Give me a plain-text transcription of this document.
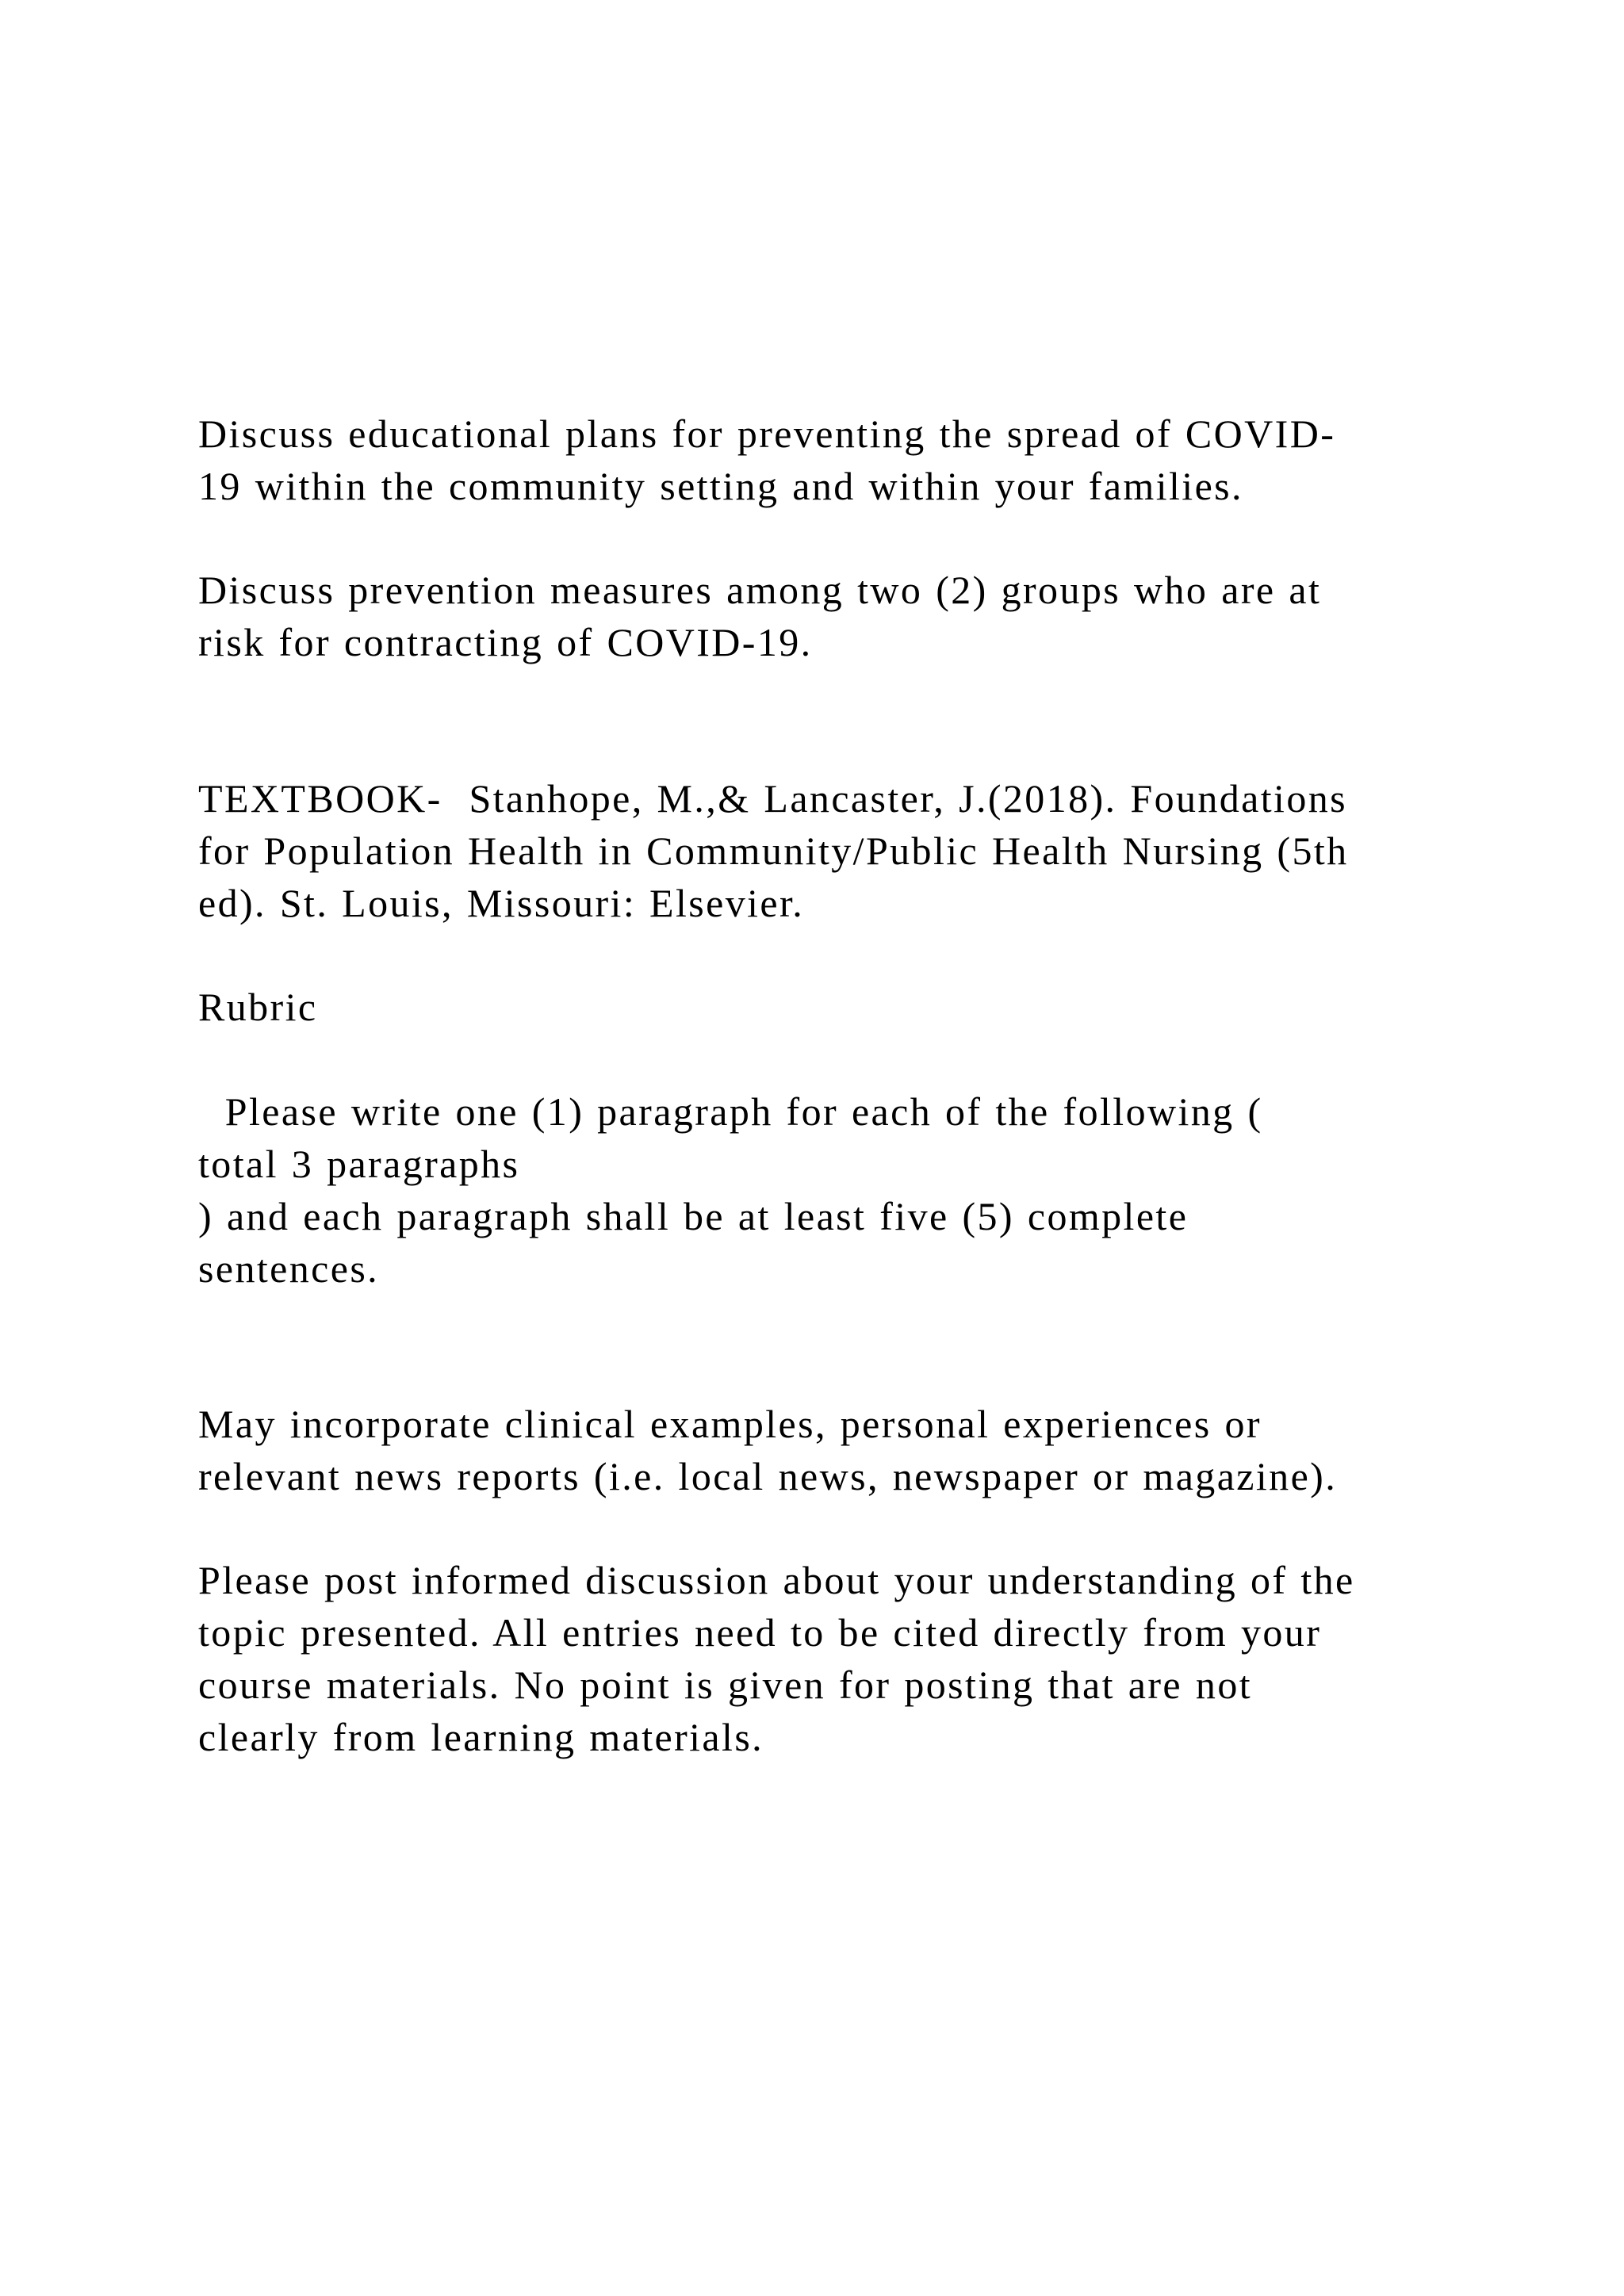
Discuss educational plans for preventing the spread of COVID-

19 within the community setting and within your families.

Discuss prevention measures among two (2) groups who are at

risk for contracting of COVID-19.

TEXTBOOK-  Stanhope, M.,& Lancaster, J.(2018). Foundations

for Population Health in Community/Public Health Nursing (5th

ed). St. Louis, Missouri: Elsevier.

Rubric

Please write one (1) paragraph for each of the following (

total 3 paragraphs

) and each paragraph shall be at least five (5) complete

sentences.

May incorporate clinical examples, personal experiences or

relevant news reports (i.e. local news, newspaper or magazine).

Please post informed discussion about your understanding of the

topic presented. All entries need to be cited directly from your

course materials. No point is given for posting that are not

clearly from learning materials.
